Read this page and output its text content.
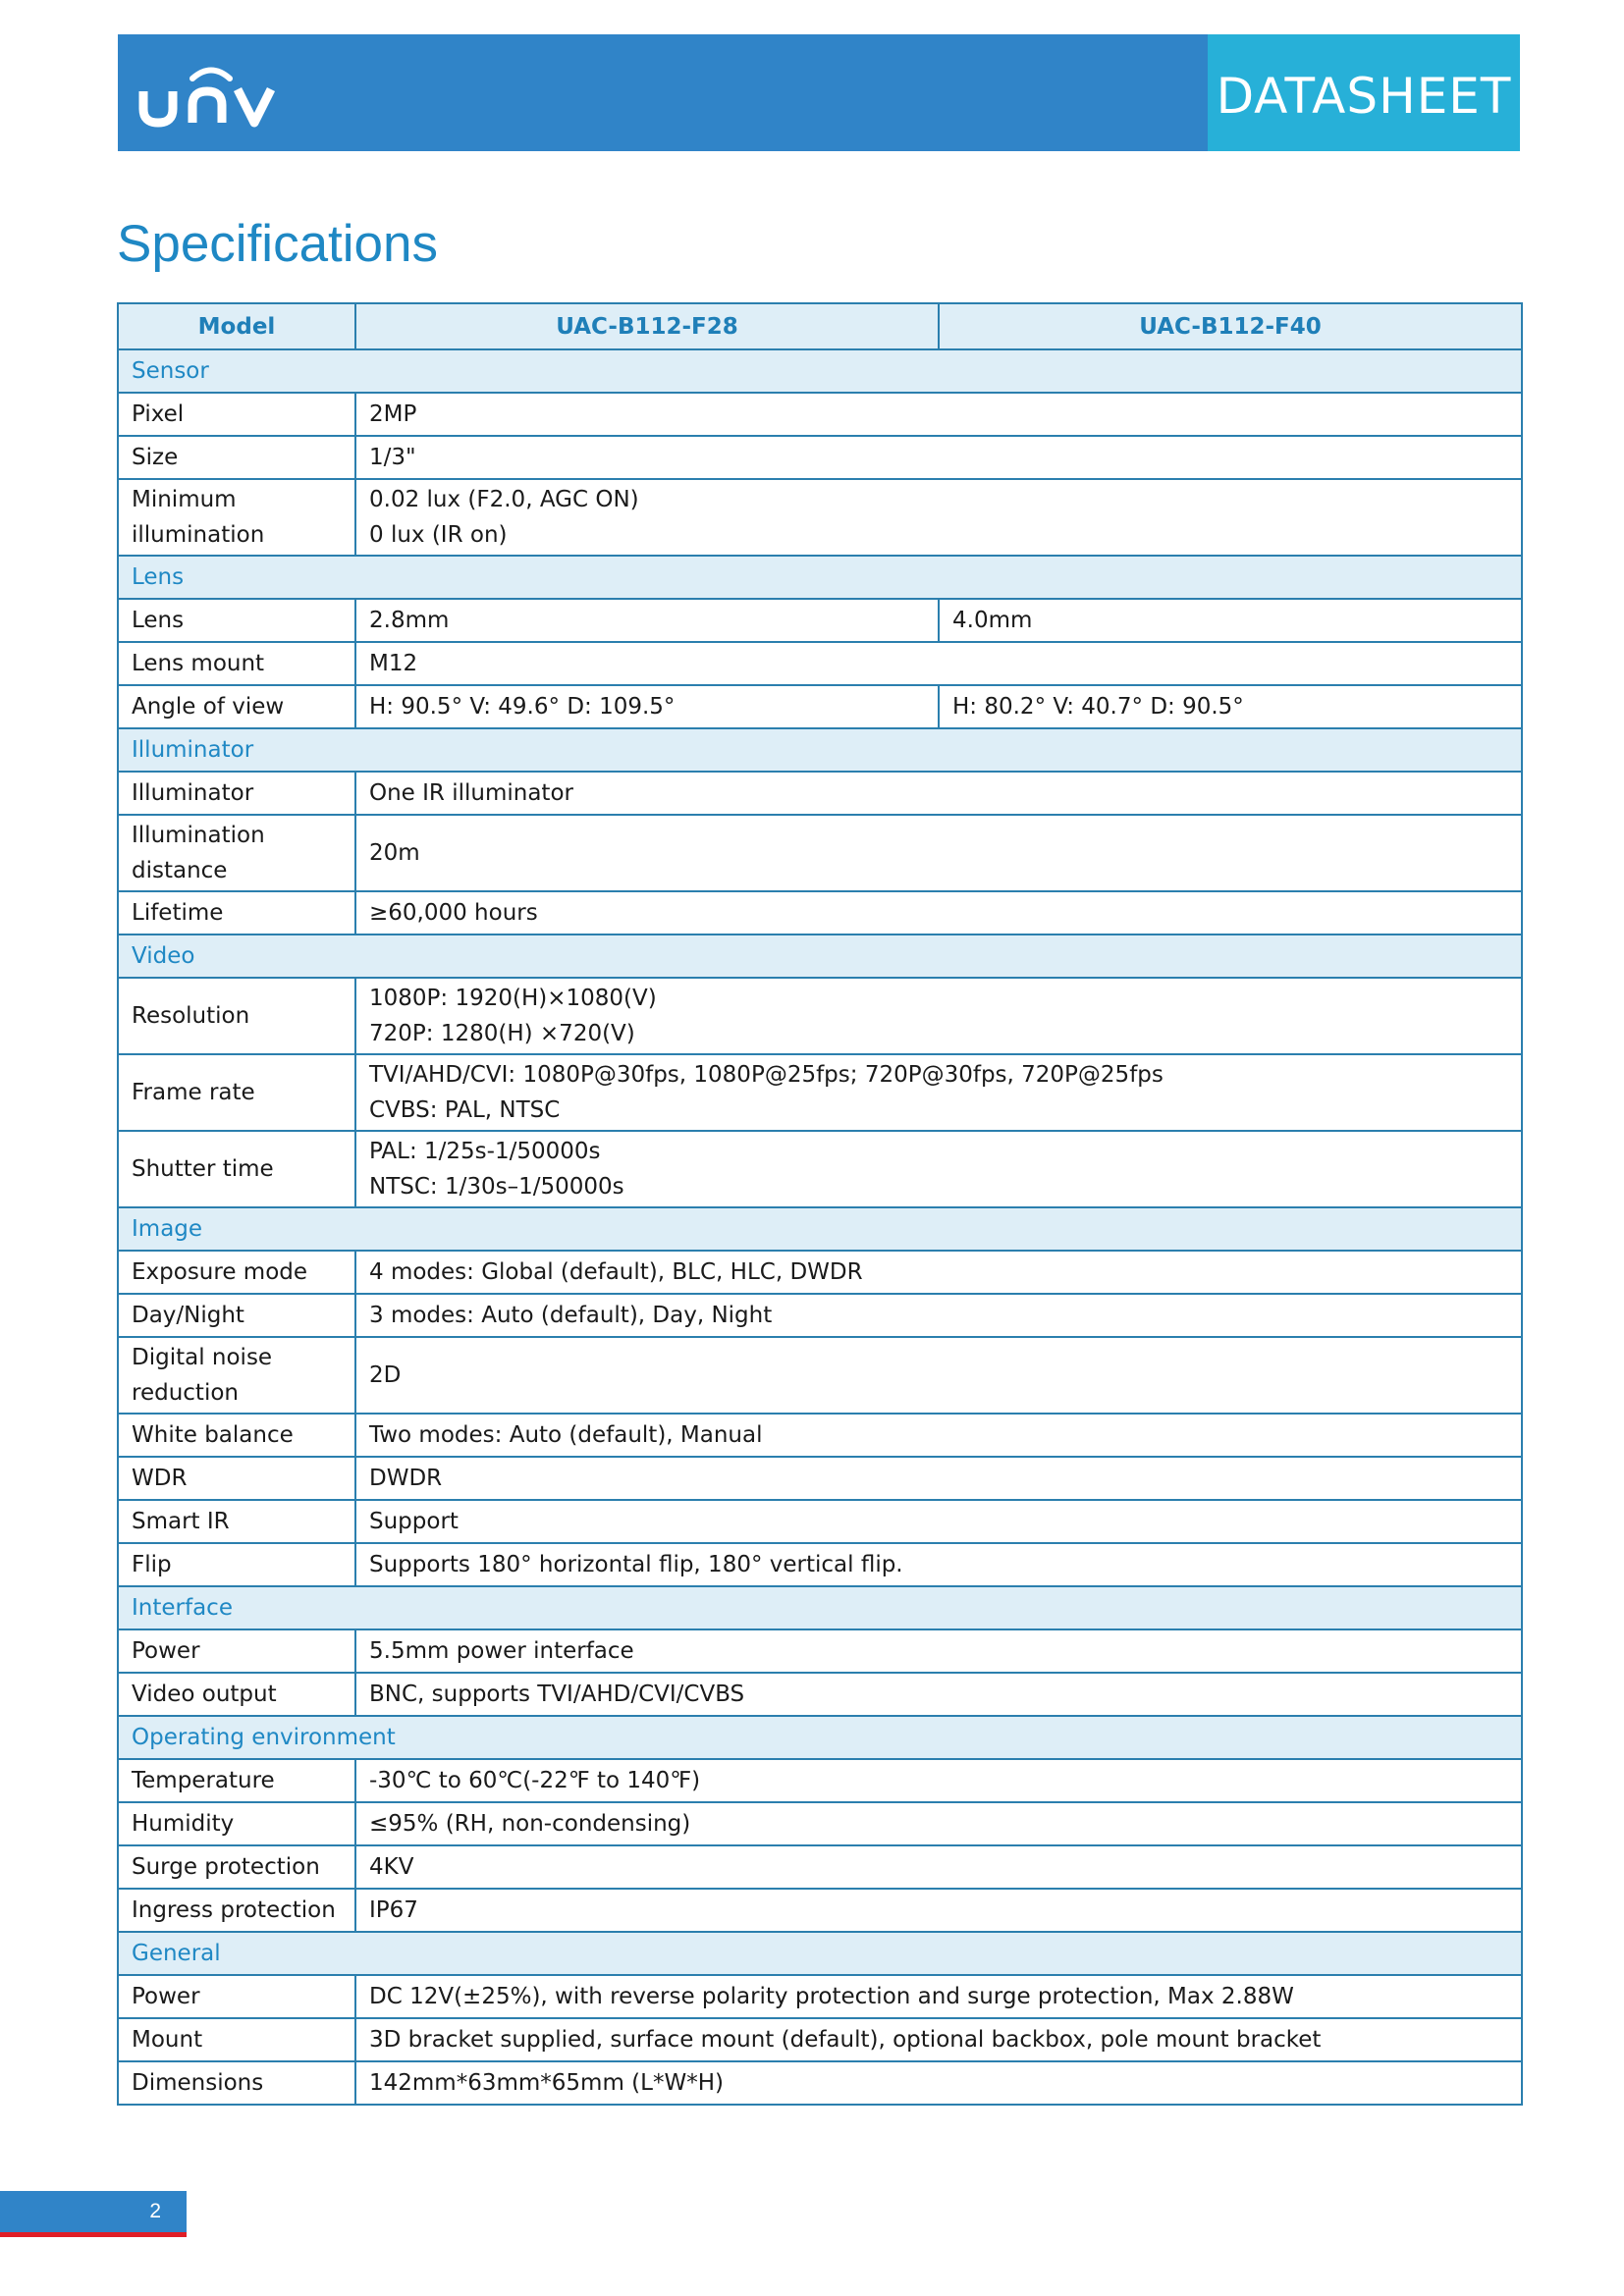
DATASHEET
Specifications
Model	UAC-B112-F28	UAC-B112-F40
Sensor		
Pixel	2MP	
Size	1/3"	
Minimum illumination	0.02 lux (F2.0, AGC ON)
0 lux (IR on)	

Lens		
Lens	2.8mm	4.0mm
Lens mount	M12	
Angle of view	H: 90.5° V: 49.6° D: 109.5°	H: 80.2° V: 40.7° D: 90.5°
Illuminator		
Illuminator	One IR illuminator	
Illumination distance	20m	
Lifetime	≥60,000 hours	
Video		
Resolution	1080P: 1920(H)×1080(V)
720P: 1280(H) ×720(V)	

Frame rate	TVI/AHD/CVI: 1080P@30fps, 1080P@25fps; 720P@30fps, 720P@25fps
CVBS: PAL, NTSC	

Shutter time	PAL: 1/25s-1/50000s
NTSC: 1/30s–1/50000s	

Image		
Exposure mode	4 modes: Global (default), BLC, HLC, DWDR	
Day/Night	3 modes: Auto (default), Day, Night	
Digital noise reduction	2D	
White balance	Two modes: Auto (default), Manual	
WDR	DWDR	
Smart IR	Support	
Flip	Supports 180° horizontal flip, 180° vertical flip.	
Interface		
Power	5.5mm power interface	
Video output	BNC, supports TVI/AHD/CVI/CVBS	
Operating environment		
Temperature	-30℃ to 60℃(-22℉ to 140℉)	
Humidity	≤95% (RH, non-condensing)	
Surge protection	4KV	
Ingress protection	IP67	
General		
Power	DC 12V(±25%), with reverse polarity protection and surge protection, Max 2.88W	
Mount	3D bracket supplied, surface mount (default), optional backbox, pole mount bracket	
Dimensions	142mm*63mm*65mm (L*W*H)	
2
